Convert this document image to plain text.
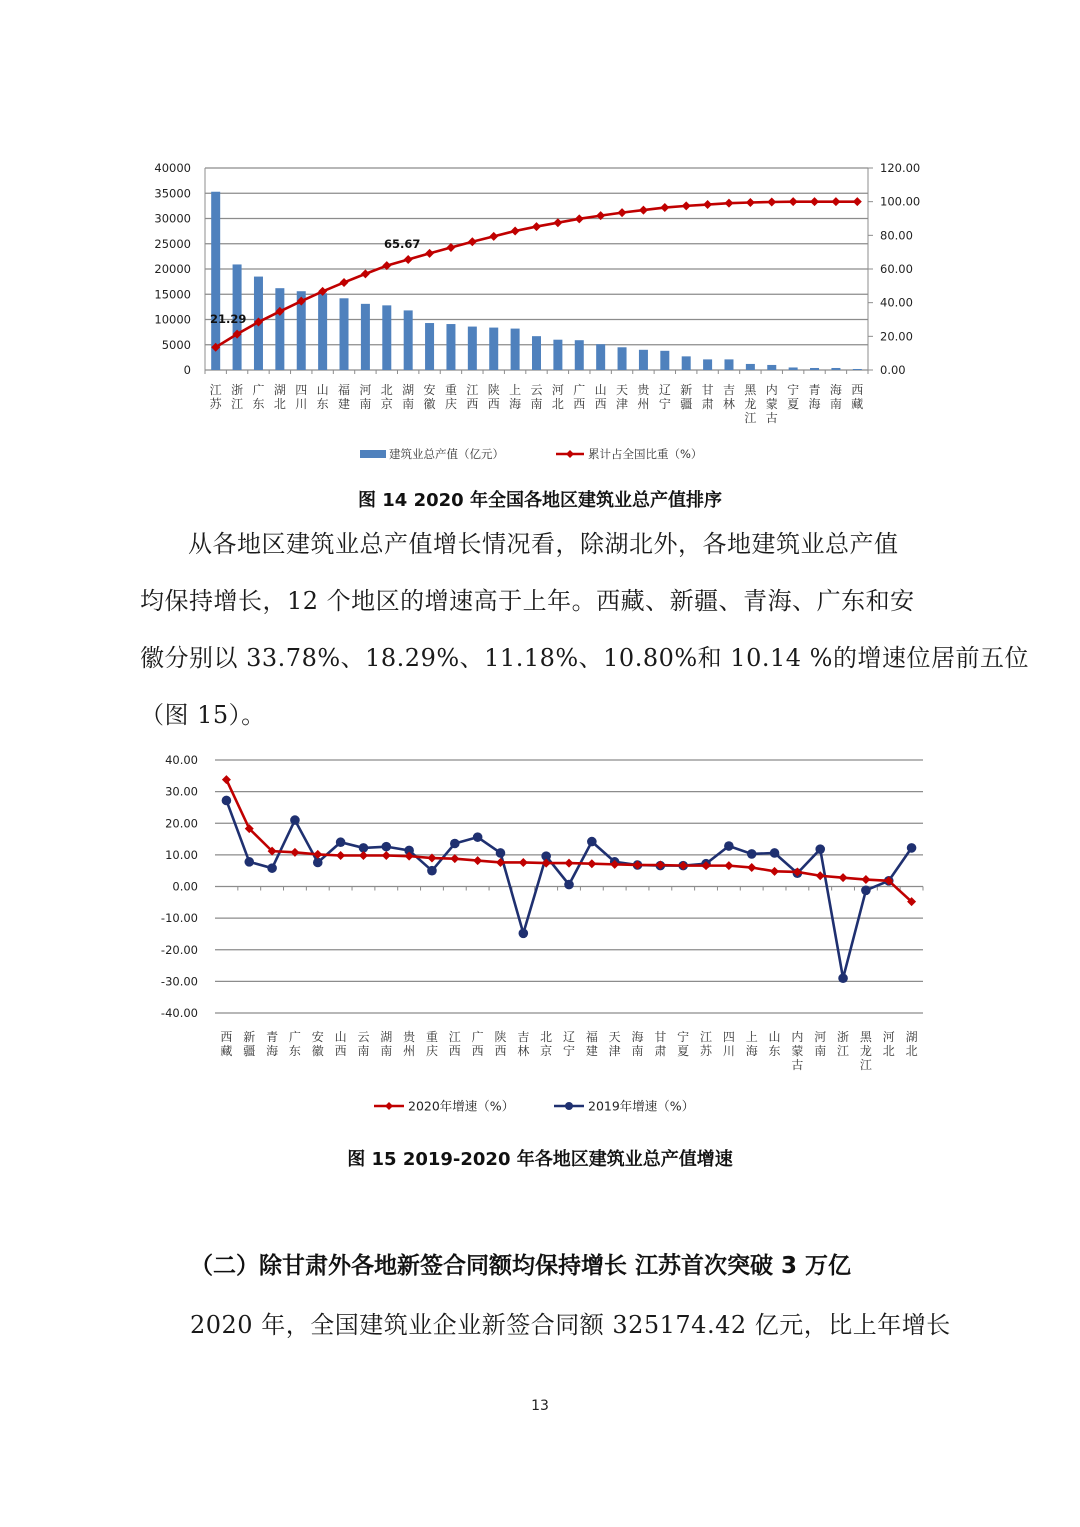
40000
35000
30000
25000
20000
15000
10000
5000
0
120.00
100.00
80.00
60.00
40.00
20.00
0.00
21.29
65.67
江
苏
浙
江
广
东
湖
北
四
川
山
东
福
建
河
南
北
京
湖
南
安
徽
重
庆
江
西
陕
西
上
海
云
南
河
北
广
西
山
西
天
津
贵
州
辽
宁
新
疆
甘
肃
吉
林
黑
龙
江
内
蒙
古
宁
夏
青
海
海
南
西
藏
建筑业总产值（亿元）	累计占全国比重（%）
图 14 2020 年全国各地区建筑业总产值排序
从各地区建筑业总产值增长情况看，除湖北外，各地建筑业总产值
均保持增长，12 个地区的增速高于上年。西藏、新疆、青海、广东和安
徽分别以 33.78%、18.29%、11.18%、10.80%和 10.14 %的增速位居前五位
（图 15）。
40.00
30.00
20.00
10.00
0.00
-10.00
-20.00
-30.00
-40.00
西
藏
新
疆
青
海
广
东
安
徽
山
西
云
南
湖
南
贵
州
重
庆
江
西
广
西
陕
西
吉
林
北
京
辽
宁
福
建
天
津
海
南
甘
肃
宁
夏
江
苏
四
川
上
海
山
东
内
蒙
古
河
南
浙
江
黑
龙
江
河
北
湖
北
2020年增速（%）	2019年增速（%）
图 15 2019-2020 年各地区建筑业总产值增速
（二）除甘肃外各地新签合同额均保持增长 江苏首次突破 3 万亿
2020 年，全国建筑业企业新签合同额 325174.42 亿元，比上年增长
13
